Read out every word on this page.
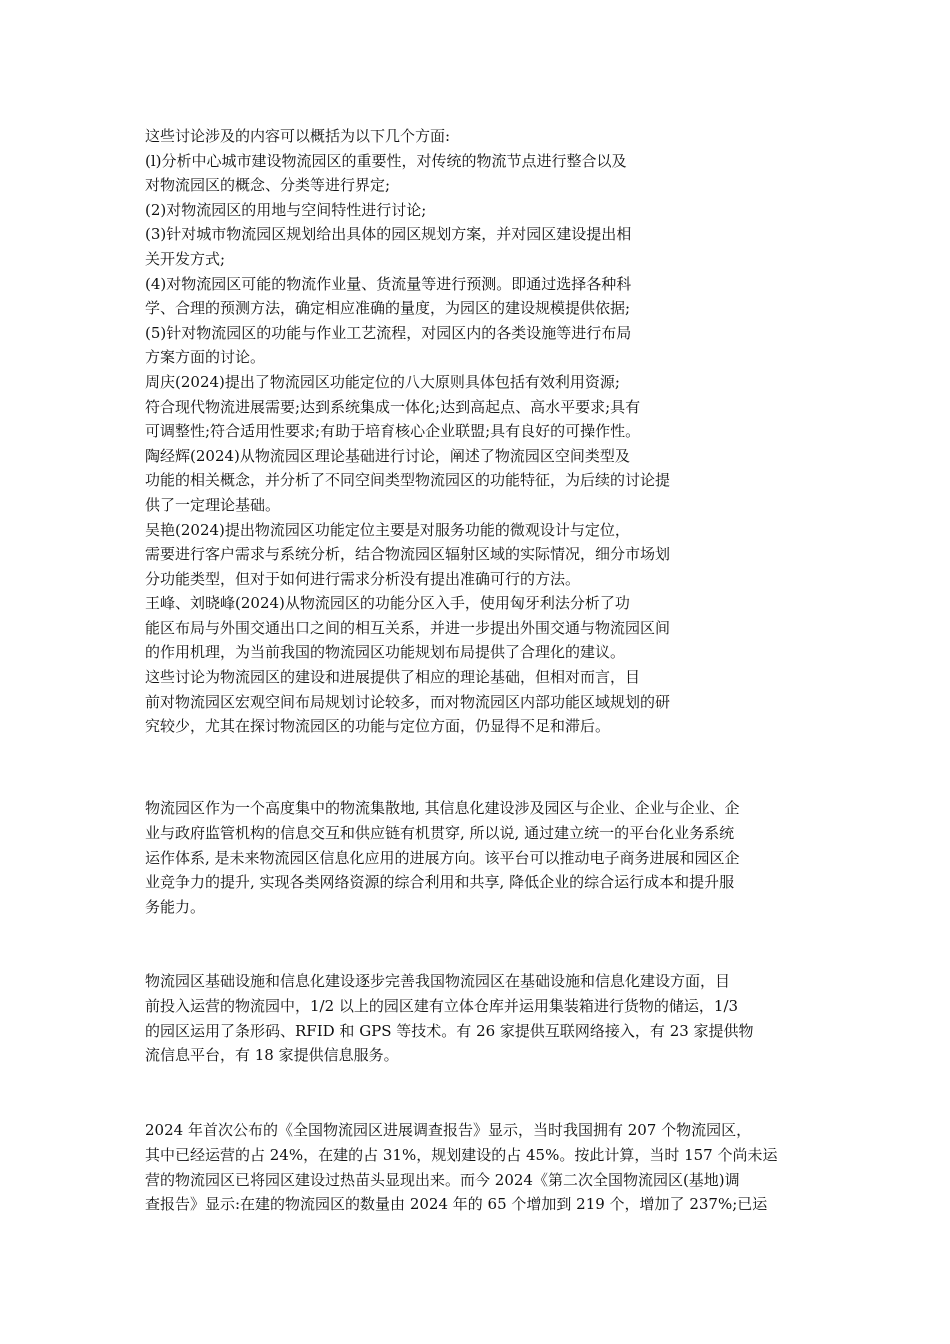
这些讨论涉及的内容可以概括为以下几个方面:
(l)分析中心城市建设物流园区的重要性，对传统的物流节点进行整合以及
对物流园区的概念、分类等进行界定;
(2)对物流园区的用地与空间特性进行讨论;
(3)针对城市物流园区规划给出具体的园区规划方案，并对园区建设提出相
关开发方式;
(4)对物流园区可能的物流作业量、货流量等进行预测。即通过选择各种科
学、合理的预测方法，确定相应准确的量度，为园区的建设规模提供依据;
(5)针对物流园区的功能与作业工艺流程，对园区内的各类设施等进行布局
方案方面的讨论。
周庆(2024)提出了物流园区功能定位的八大原则具体包括有效利用资源;
符合现代物流进展需要;达到系统集成一体化;达到高起点、高水平要求;具有
可调整性;符合适用性要求;有助于培育核心企业联盟;具有良好的可操作性。
陶经辉(2024)从物流园区理论基础进行讨论，阐述了物流园区空间类型及
功能的相关概念，并分析了不同空间类型物流园区的功能特征，为后续的讨论提
供了一定理论基础。
吴艳(2024)提出物流园区功能定位主要是对服务功能的微观设计与定位，
需要进行客户需求与系统分析，结合物流园区辐射区域的实际情况，细分市场划
分功能类型，但对于如何进行需求分析没有提出准确可行的方法。
王峰、刘晓峰(2024)从物流园区的功能分区入手，使用匈牙利法分析了功
能区布局与外围交通出口之间的相互关系，并进一步提出外围交通与物流园区间
的作用机理，为当前我国的物流园区功能规划布局提供了合理化的建议。
这些讨论为物流园区的建设和进展提供了相应的理论基础，但相对而言，目
前对物流园区宏观空间布局规划讨论较多，而对物流园区内部功能区域规划的研
究较少，尤其在探讨物流园区的功能与定位方面，仍显得不足和滞后。
物流园区作为一个高度集中的物流集散地, 其信息化建设涉及园区与企业、企业与企业、企
业与政府监管机构的信息交互和供应链有机贯穿, 所以说, 通过建立统一的平台化业务系统
运作体系, 是未来物流园区信息化应用的进展方向。该平台可以推动电子商务进展和园区企
业竞争力的提升, 实现各类网络资源的综合利用和共享, 降低企业的综合运行成本和提升服
务能力。
物流园区基础设施和信息化建设逐步完善我国物流园区在基础设施和信息化建设方面，目
前投入运营的物流园中，1/2 以上的园区建有立体仓库并运用集装箱进行货物的储运，1/3
的园区运用了条形码、RFID 和 GPS 等技术。有 26 家提供互联网络接入，有 23 家提供物
流信息平台，有 18 家提供信息服务。
2024 年首次公布的《全国物流园区进展调查报告》显示，当时我国拥有 207 个物流园区，
其中已经运营的占 24%，在建的占 31%，规划建设的占 45%。按此计算，当时 157 个尚未运
营的物流园区已将园区建设过热苗头显现出来。而今 2024《第二次全国物流园区(基地)调
查报告》显示:在建的物流园区的数量由 2024 年的 65 个增加到 219 个，增加了 237%;已运
